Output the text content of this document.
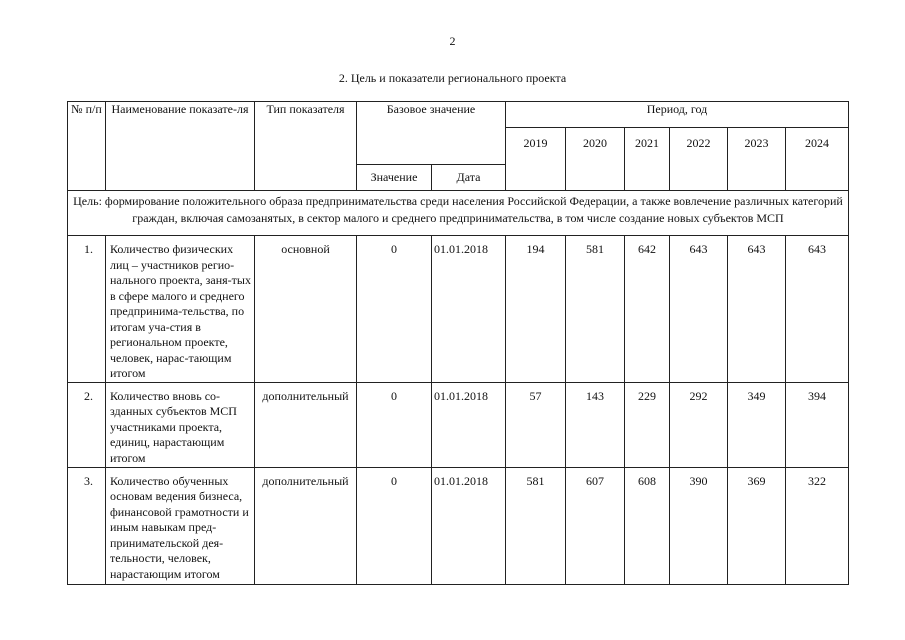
2
2. Цель и показатели регионального проекта
№ п/п	Наименование показате-ля	Тип показателя	Базовое значение		Период, год					
					2019	2020	2021	2022	2023	2024
			Значение	Дата						
Цель: формирование положительного образа предпринимательства среди населения Российской Федерации, а также вовлечение различных категорий граждан, включая самозанятых, в сектор малого и среднего предпринимательства, в том числе создание новых субъектов МСП										
1.	Количество физических лиц – участников регио-нального проекта, заня-тых в сфере малого и среднего предпринима-тельства, по итогам уча-стия в региональном проекте, человек, нарас-тающим итогом	основной	0	01.01.2018	194	581	642	643	643	643
2.	Количество вновь со-зданных субъектов МСП участниками проекта, единиц, нарастающим итогом	дополнительный	0	01.01.2018	57	143	229	292	349	394
3.	Количество обученных основам ведения бизнеса, финансовой грамотности и иным навыкам пред-принимательской дея-тельности, человек, нарастающим итогом	дополнительный	0	01.01.2018	581	607	608	390	369	322
